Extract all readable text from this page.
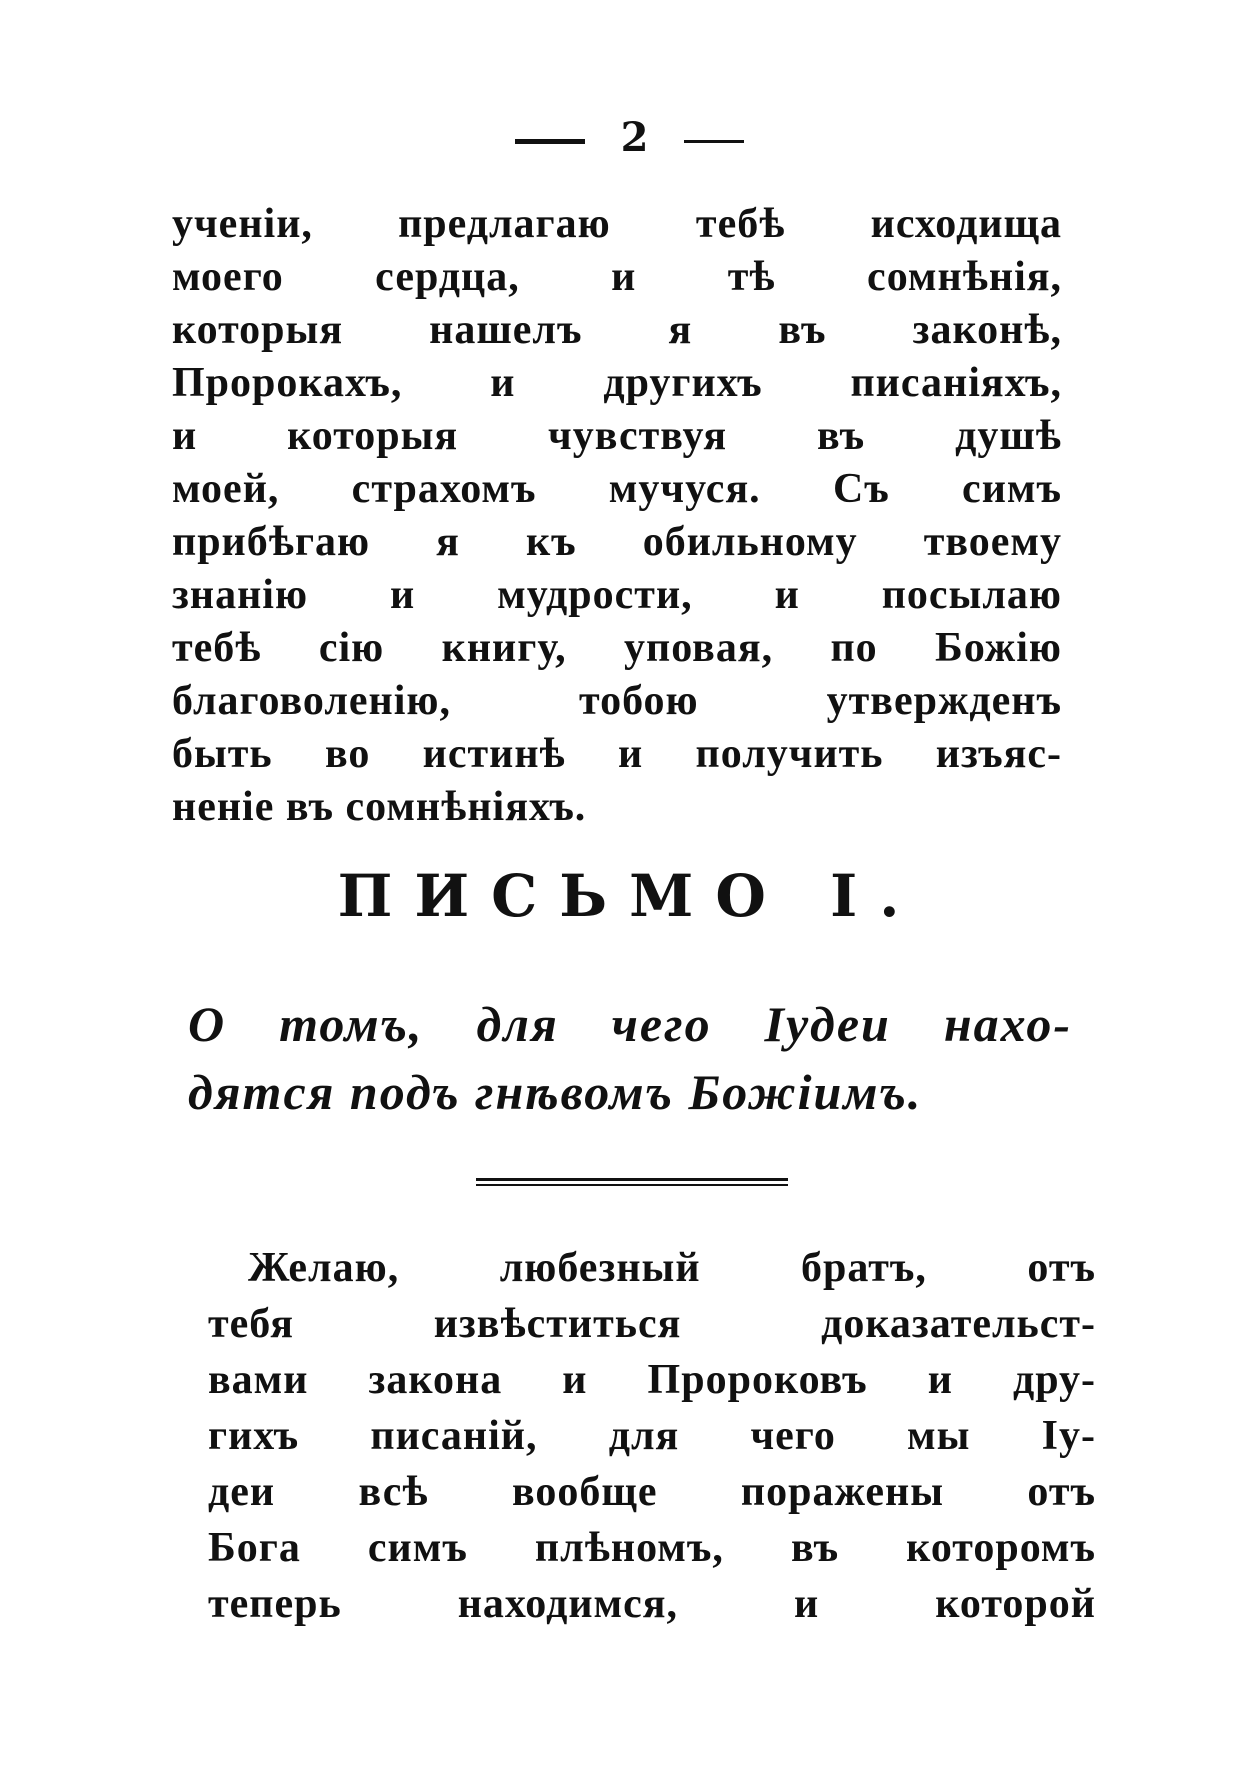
2
ученіи, предлагаю тебѣ исходища
моего сердца, и тѣ сомнѣнія,
которыя нашелъ я въ законѣ,
Пророкахъ, и другихъ писаніяхъ,
и которыя чувствуя въ душѣ
моей, страхомъ мучуся. Съ симъ
прибѣгаю я къ обильному твоему
знанію и мудрости, и посылаю
тебѣ сію книгу, уповая, по Божію
благоволенію, тобою утвержденъ
быть во истинѣ и получить изъяс-
неніе въ сомнѣніяхъ.
ПИСЬМО I.
О томъ, для чего Іудеи нахо-
дятся подъ гнѣвомъ Божіимъ.
Желаю, любезный братъ, отъ
тебя извѣститься доказательст-
вами закона и Пророковъ и дру-
гихъ писаній, для чего мы Іу-
деи всѣ вообще поражены отъ
Бога симъ плѣномъ, въ которомъ
теперь находимся, и которой
